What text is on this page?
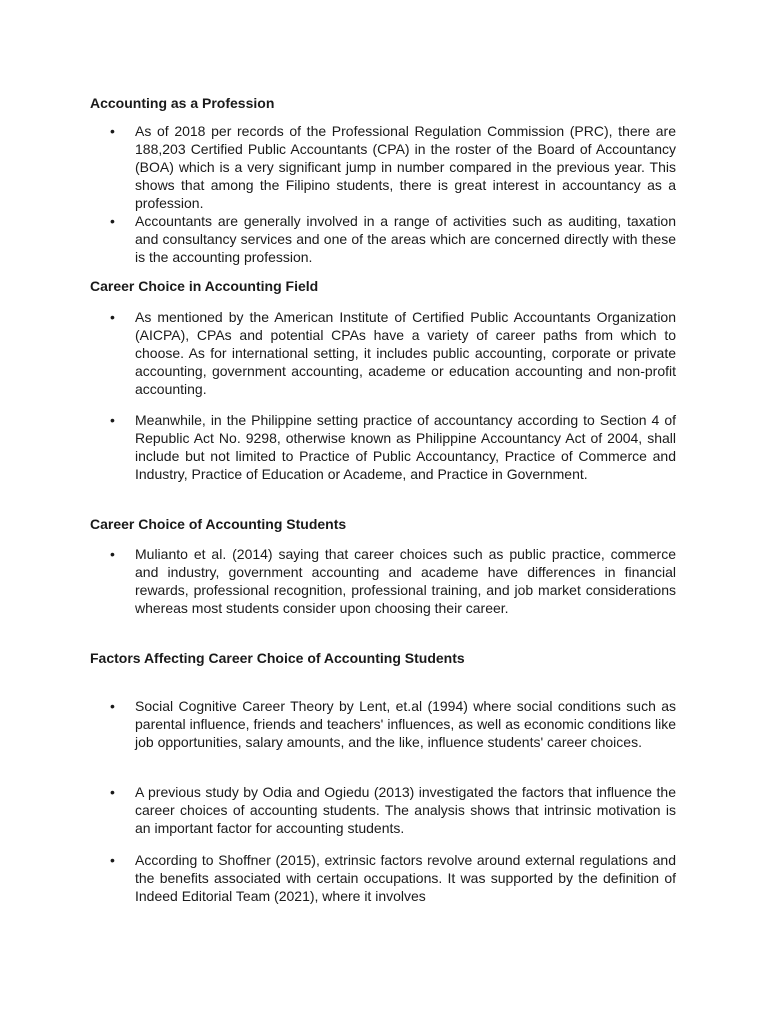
Accounting as a Profession
• As of 2018 per records of the Professional Regulation Commission (PRC), there are 188,203 Certified Public Accountants (CPA) in the roster of the Board of Accountancy (BOA) which is a very significant jump in number compared in the previous year. This shows that among the Filipino students, there is great interest in accountancy as a profession.
• Accountants are generally involved in a range of activities such as auditing, taxation and consultancy services and one of the areas which are concerned directly with these is the accounting profession.
Career Choice in Accounting Field
• As mentioned by the American Institute of Certified Public Accountants Organization (AICPA), CPAs and potential CPAs have a variety of career paths from which to choose. As for international setting, it includes public accounting, corporate or private accounting, government accounting, academe or education accounting and non-profit accounting.
• Meanwhile, in the Philippine setting practice of accountancy according to Section 4 of Republic Act No. 9298, otherwise known as Philippine Accountancy Act of 2004, shall include but not limited to Practice of Public Accountancy, Practice of Commerce and Industry, Practice of Education or Academe, and Practice in Government.
Career Choice of Accounting Students
• Mulianto et al. (2014) saying that career choices such as public practice, commerce and industry, government accounting and academe have differences in financial rewards, professional recognition, professional training, and job market considerations whereas most students consider upon choosing their career.
Factors Affecting Career Choice of Accounting Students
• Social Cognitive Career Theory by Lent, et.al (1994) where social conditions such as parental influence, friends and teachers' influences, as well as economic conditions like job opportunities, salary amounts, and the like, influence students' career choices.
• A previous study by Odia and Ogiedu (2013) investigated the factors that influence the career choices of accounting students. The analysis shows that intrinsic motivation is an important factor for accounting students.
• According to Shoffner (2015), extrinsic factors revolve around external regulations and the benefits associated with certain occupations. It was supported by the definition of Indeed Editorial Team (2021), where it involves
